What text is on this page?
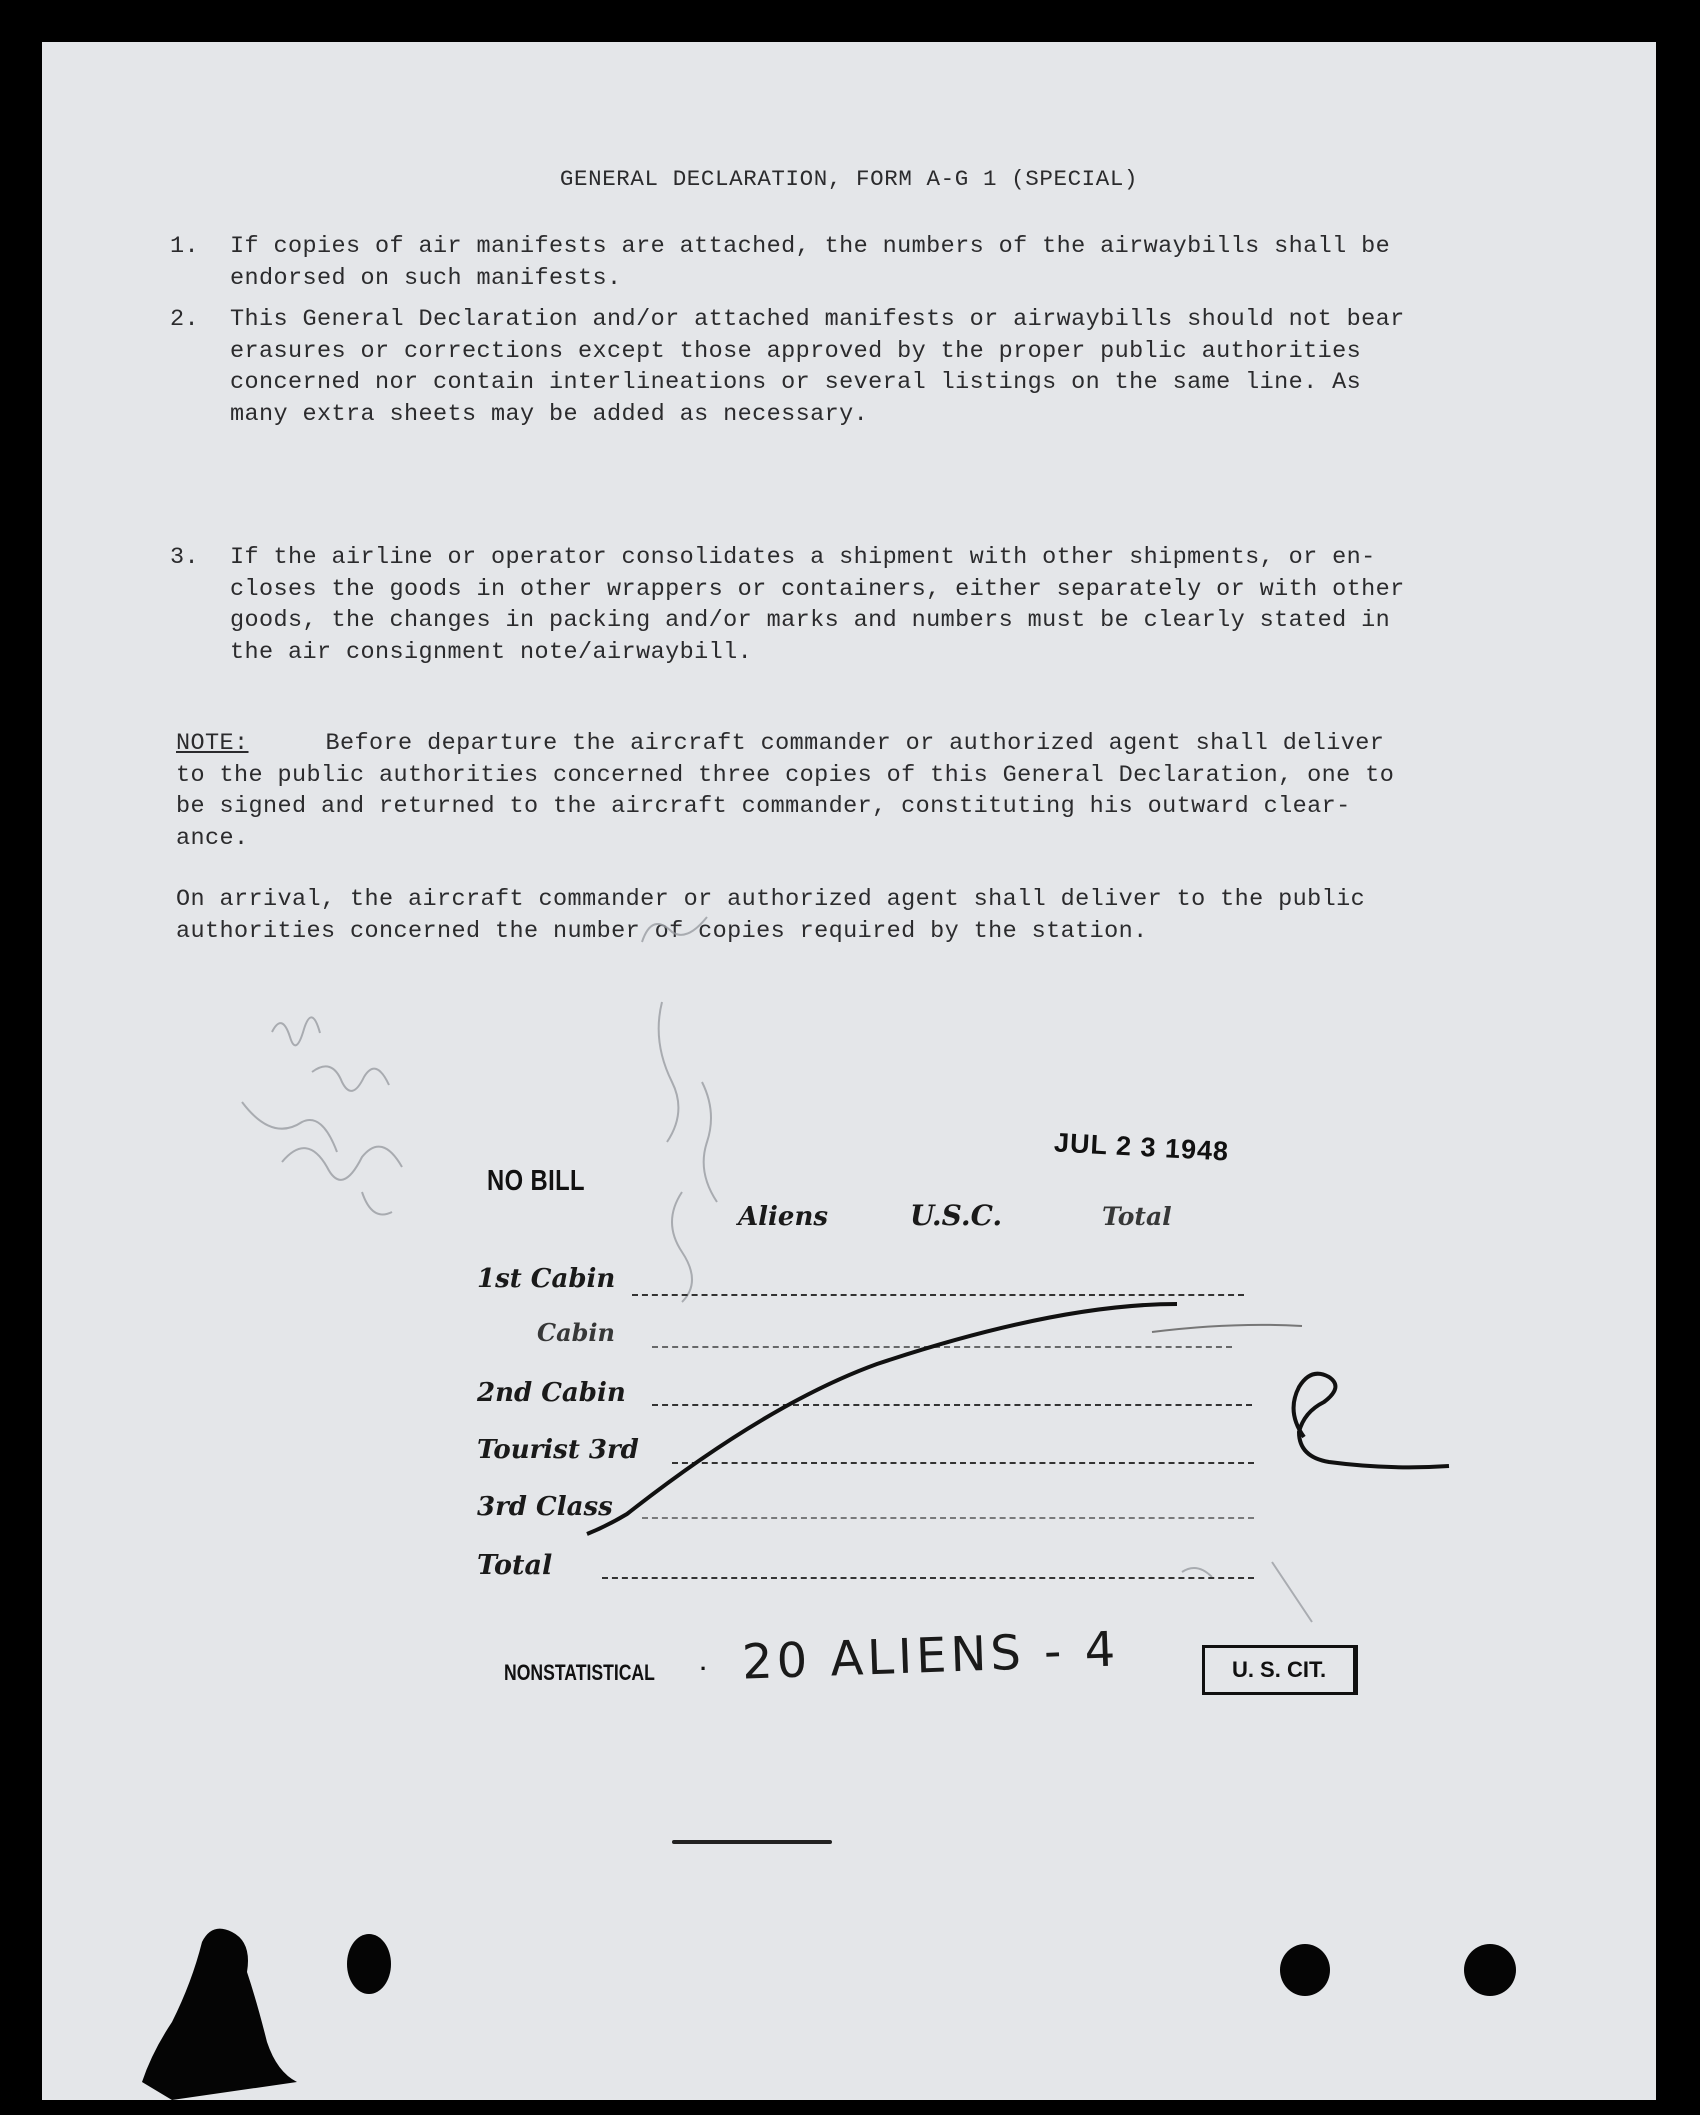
GENERAL DECLARATION, FORM A-G 1 (SPECIAL)
1. If copies of air manifests are attached, the numbers of the airwaybills shall be
endorsed on such manifests.
2. This General Declaration and/or attached manifests or airwaybills should not bear
erasures or corrections except those approved by the proper public authorities
concerned nor contain interlineations or several listings on the same line. As
many extra sheets may be added as necessary.
3. If the airline or operator consolidates a shipment with other shipments, or en-
closes the goods in other wrappers or containers, either separately or with other
goods, the changes in packing and/or marks and numbers must be clearly stated in
the air consignment note/airwaybill.
NOTE:	Before departure the aircraft commander or authorized agent shall deliver
to the public authorities concerned three copies of this General Declaration, one to
be signed and returned to the aircraft commander, constituting his outward clear-
ance.
On arrival, the aircraft commander or authorized agent shall deliver to the public
authorities concerned the number of copies required by the station.
JUL 2 3 1948
NO BILL
Aliens	U.S.C.	Total
1st Cabin
Cabin
2nd Cabin
Tourist 3rd
3rd Class
Total
NONSTATISTICAL · 20 ALIENS - 4	U. S. CIT.
